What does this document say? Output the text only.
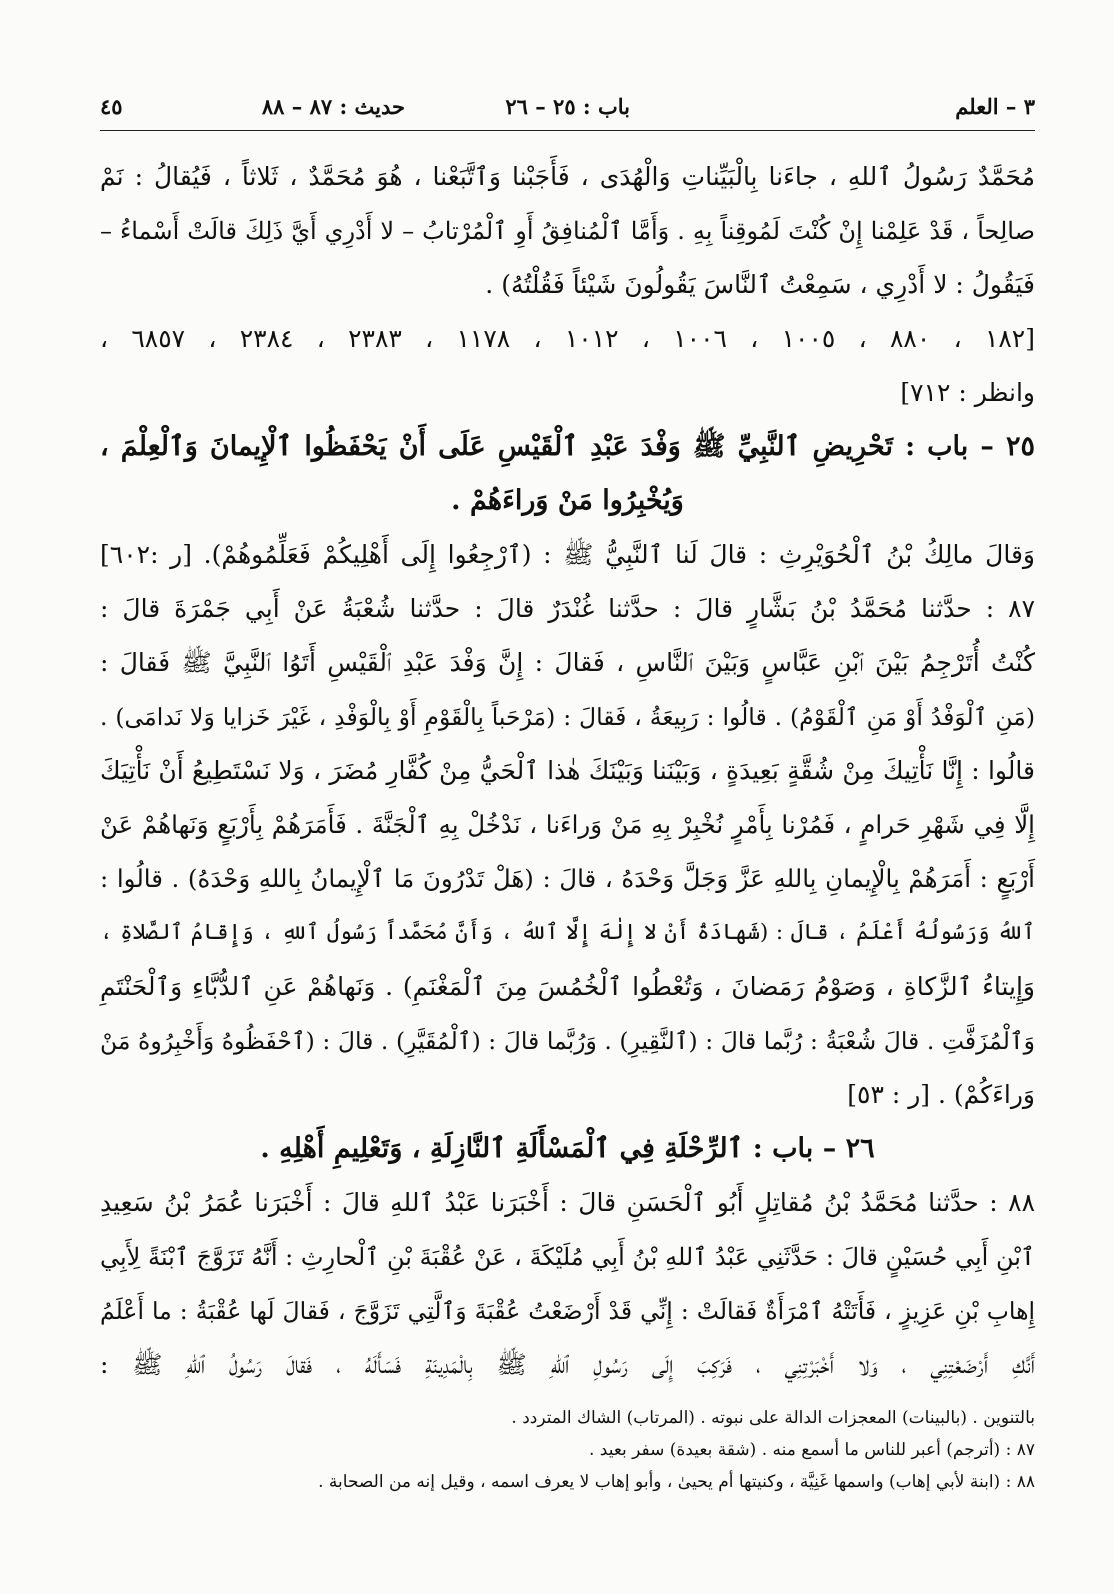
٣ – العلم
باب : ٢٥ – ٢٦
حديث : ٨٧ – ٨٨
٤٥
مُحَمَّدٌ رَسُولُ ٱللهِ ، جاءَنا بِالْبَيِّناتِ وَالْهُدَى ، فَأَجَبْنا وَٱتَّبَعْنا ، هُوَ مُحَمَّدٌ ، ثَلاثاً ، فَيُقالُ : نَمْ
صالِحاً ، قَدْ عَلِمْنا إِنْ كُنْتَ لَمُوقِناً بِهِ . وَأَمَّا ٱلْمُنافِقُ أَوِ ٱلْمُرْتابُ – لا أَدْرِي أَيَّ ذَلِكَ قالَتْ أَسْماءُ –
فَيَقُولُ : لا أَدْرِي ، سَمِعْتُ ٱلنَّاسَ يَقُولُونَ شَيْئاً فَقُلْتُهُ) .
[١٨٢ ، ٨٨٠ ، ١٠٠٥ ، ١٠٠٦ ، ١٠١٢ ، ١١٧٨ ، ٢٣٨٣ ، ٢٣٨٤ ، ٦٨٥٧ ،
وانظر : ٧١٢]
٢٥ – باب : تَحْرِيضِ ٱلنَّبِيِّ ﷺ وَفْدَ عَبْدِ ٱلْقَيْسِ عَلَى أَنْ يَحْفَظُوا ٱلْإِيمانَ وَٱلْعِلْمَ ،
وَيُخْبِرُوا مَنْ وَراءَهُمْ .
وَقالَ مالِكُ بْنُ ٱلْحُوَيْرِثِ : قالَ لَنا ٱلنَّبِيُّ ﷺ : (ٱرْجِعُوا إِلَى أَهْلِيكُمْ فَعَلِّمُوهُمْ). [ر :٦٠٢]
٨٧ : حدَّثنا مُحَمَّدُ بْنُ بَشَّارٍ قالَ : حدَّثنا غُنْدَرٌ قالَ : حدَّثنا شُعْبَةُ عَنْ أَبِي جَمْرَةَ قالَ :
كُنْتُ أُتَرْجِمُ بَيْنَ ٱبْنِ عَبَّاسٍ وَبَيْنَ ٱلنَّاسِ ، فَقالَ : إِنَّ وَفْدَ عَبْدِ ٱلْقَيْسِ أَتَوُا ٱلنَّبِيَّ ﷺ فَقالَ :
(مَنِ ٱلْوَفْدُ أَوْ مَنِ ٱلْقَوْمُ) . قالُوا : رَبِيعَةُ ، فَقالَ : (مَرْحَباً بِالْقَوْمِ أَوْ بِالْوَفْدِ ، غَيْرَ خَزايا وَلا نَدامَى) .
قالُوا : إِنَّا نَأْتِيكَ مِنْ شُقَّةٍ بَعِيدَةٍ ، وَبَيْنَنا وَبَيْنَكَ هٰذا ٱلْحَيُّ مِنْ كُفَّارِ مُضَرَ ، وَلا نَسْتَطِيعُ أَنْ نَأْتِيَكَ
إِلَّا فِي شَهْرِ حَرامٍ ، فَمُرْنا بِأَمْرٍ نُخْبِرْ بِهِ مَنْ وَراءَنا ، نَدْخُلْ بِهِ ٱلْجَنَّةَ . فَأَمَرَهُمْ بِأَرْبَعٍ وَنَهاهُمْ عَنْ
أَرْبَعٍ : أَمَرَهُمْ بِالْإِيمانِ بِاللهِ عَزَّ وَجَلَّ وَحْدَهُ ، قالَ : (هَلْ تَدْرُونَ مَا ٱلْإِيمانُ بِاللهِ وَحْدَهُ) . قالُوا :
ٱللهُ وَرَسُولُهُ أَعْلَمُ ، قالَ : (شَهادَةُ أَنْ لا إِلٰهَ إِلَّا ٱللهُ ، وَأَنَّ مُحَمَّداً رَسُولُ ٱللهِ ، وَإِقامُ ٱلصَّلاةِ ،
وَإِيتاءُ ٱلزَّكاةِ ، وَصَوْمُ رَمَضانَ ، وَتُعْطُوا ٱلْخُمُسَ مِنَ ٱلْمَغْنَمِ) . وَنَهاهُمْ عَنِ ٱلدُّبَّاءِ وَٱلْحَنْتَمِ
وَٱلْمُزَفَّتِ . قالَ شُعْبَةُ : رُبَّما قالَ : (ٱلنَّقِيرِ) . وَرُبَّما قالَ : (ٱلْمُقَيَّرِ) . قالَ : (ٱحْفَظُوهُ وَأَخْبِرُوهُ مَنْ
وَراءَكُمْ) . [ر : ٥٣]
٢٦ – باب : ٱلرِّحْلَةِ فِي ٱلْمَسْأَلَةِ ٱلنَّازِلَةِ ، وَتَعْلِيمِ أَهْلِهِ .
٨٨ : حدَّثنا مُحَمَّدُ بْنُ مُقاتِلٍ أَبُو ٱلْحَسَنِ قالَ : أَخْبَرَنا عَبْدُ ٱللهِ قالَ : أَخْبَرَنا عُمَرُ بْنُ سَعِيدِ
ٱبْنِ أَبِي حُسَيْنٍ قالَ : حَدَّثَنِي عَبْدُ ٱللهِ بْنُ أَبِي مُلَيْكَةَ ، عَنْ عُقْبَةَ بْنِ ٱلْحارِثِ : أَنَّهُ تَزَوَّجَ ٱبْنَةً لِأَبِي
إِهابِ بْنِ عَزِيزٍ ، فَأَتَتْهُ ٱمْرَأَةٌ فَقالَتْ : إِنِّي قَدْ أَرْضَعْتُ عُقْبَةَ وَٱلَّتِي تَزَوَّجَ ، فَقالَ لَها عُقْبَةُ : ما أَعْلَمُ
أَنَّكِ أَرْضَعْتِنِي ، وَلا أَخْبَرْتِنِي ، فَرَكِبَ إِلَى رَسُولِ ٱللهِ ﷺ بِالْمَدِينَةِ فَسَأَلَهُ ، فَقالَ رَسُولُ ٱللهِ ﷺ :
بالتنوين . (بالبينات) المعجزات الدالة على نبوته . (المرتاب) الشاك المتردد .
٨٧ : (أترجم) أعبر للناس ما أسمع منه . (شقة بعيدة) سفر بعيد .
٨٨ : (ابنة لأبي إهاب) واسمها غَنِيَّة ، وكنيتها أم يحيىٰ ، وأبو إهاب لا يعرف اسمه ، وقيل إنه من الصحابة .
